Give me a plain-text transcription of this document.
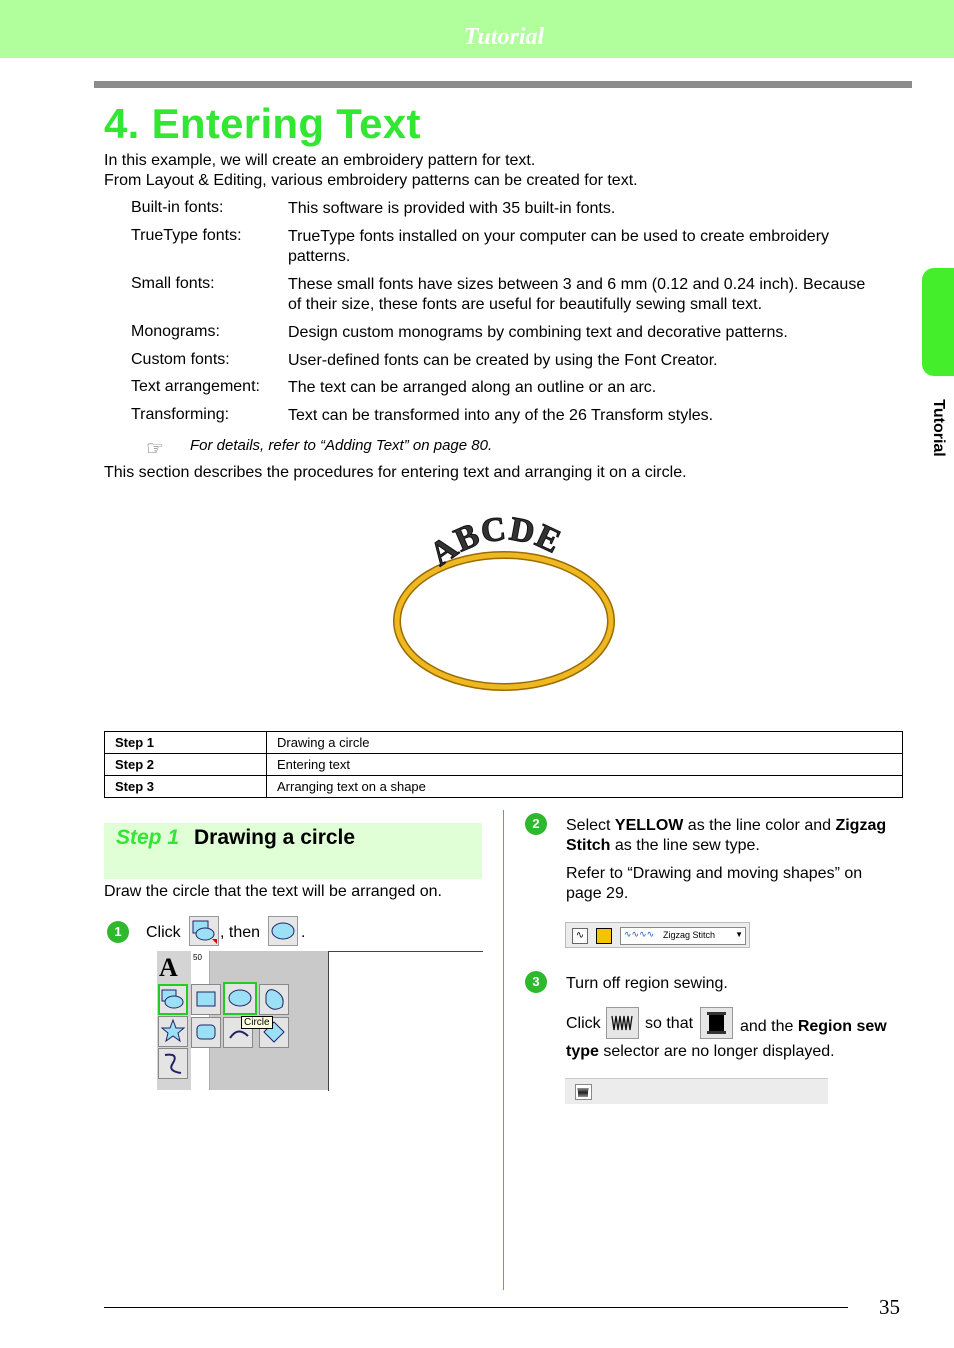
Tutorial
Tutorial
4. Entering Text
In this example, we will create an embroidery pattern for text.
From Layout & Editing, various embroidery patterns can be created for text.
Built-in fonts:	This software is provided with 35 built-in fonts.
TrueType fonts:	TrueType fonts installed on your computer can be used to create embroidery patterns.
Small fonts:	These small fonts have sizes between 3 and 6 mm (0.12 and 0.24 inch). Because of their size, these fonts are useful for beautifully sewing small text.
Monograms:	Design custom monograms by combining text and decorative patterns.
Custom fonts:	User-defined fonts can be created by using the Font Creator.
Text arrangement: The text can be arranged along an outline or an arc.
Transforming:	Text can be transformed into any of the 26 Transform styles.
☞ For details, refer to “Adding Text” on page 80.
This section describes the procedures for entering text and arranging it on a circle.
ABCDE
Step 1	Drawing a circle
Step 2	Entering text
Step 3	Arranging text on a shape
Step 1 Drawing a circle
Draw the circle that the text will be arranged on.
1	Click , then	.
50
A
Circle
2	Select YELLOW as the line color and Zigzag Stitch as the line sew type.
Refer to “Drawing and moving shapes” on page 29.
∿	∿∿∿∿ Zigzag Stitch	▼
3	Turn off region sewing.
Click	so that	and the Region sew type selector are no longer displayed.
35
